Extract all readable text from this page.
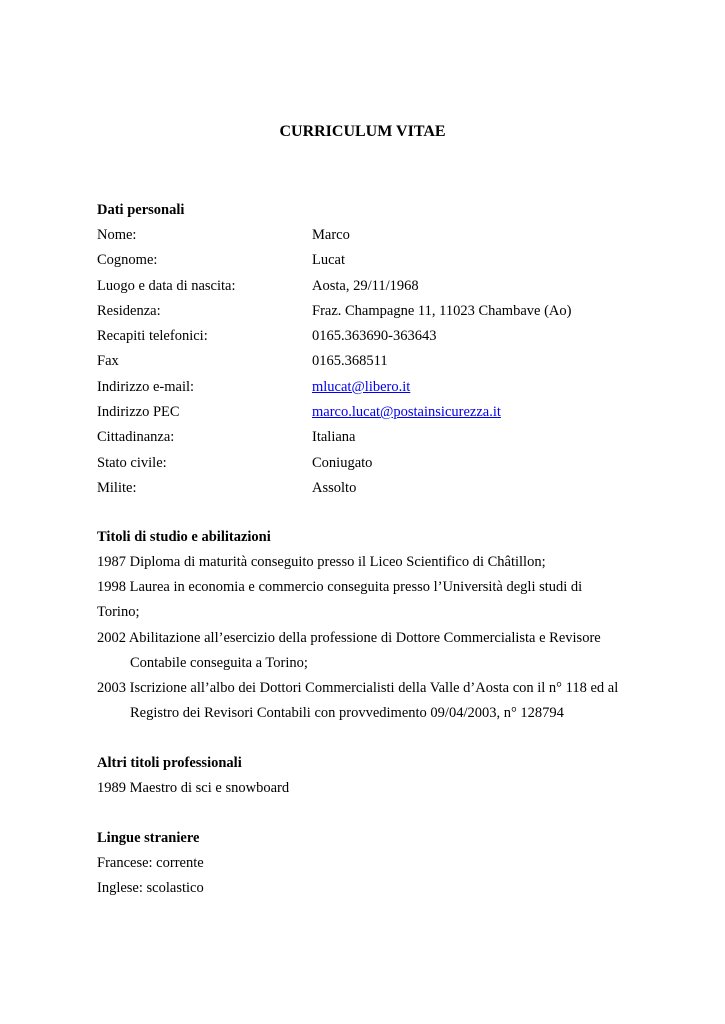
CURRICULUM VITAE
Dati personali
Nome:	Marco
Cognome:	Lucat
Luogo e data di nascita:	Aosta, 29/11/1968
Residenza:	Fraz. Champagne 11, 11023 Chambave (Ao)
Recapiti telefonici:	0165.363690-363643
Fax	0165.368511
Indirizzo e-mail:	mlucat@libero.it
Indirizzo PEC	marco.lucat@postainsicurezza.it
Cittadinanza:	Italiana
Stato civile:	Coniugato
Milite:	Assolto
Titoli di studio e abilitazioni
1987 Diploma di maturità conseguito presso il Liceo Scientifico di Châtillon;
1998 Laurea in economia e commercio conseguita presso l’Università degli studi di
Torino;
2002 Abilitazione all’esercizio della professione di Dottore Commercialista e Revisore
Contabile conseguita a Torino;
2003 Iscrizione all’albo dei Dottori Commercialisti della Valle d’Aosta con il n° 118 ed al
Registro dei Revisori Contabili con provvedimento 09/04/2003, n° 128794
Altri titoli professionali
1989 Maestro di sci e snowboard
Lingue straniere
Francese: corrente
Inglese: scolastico
